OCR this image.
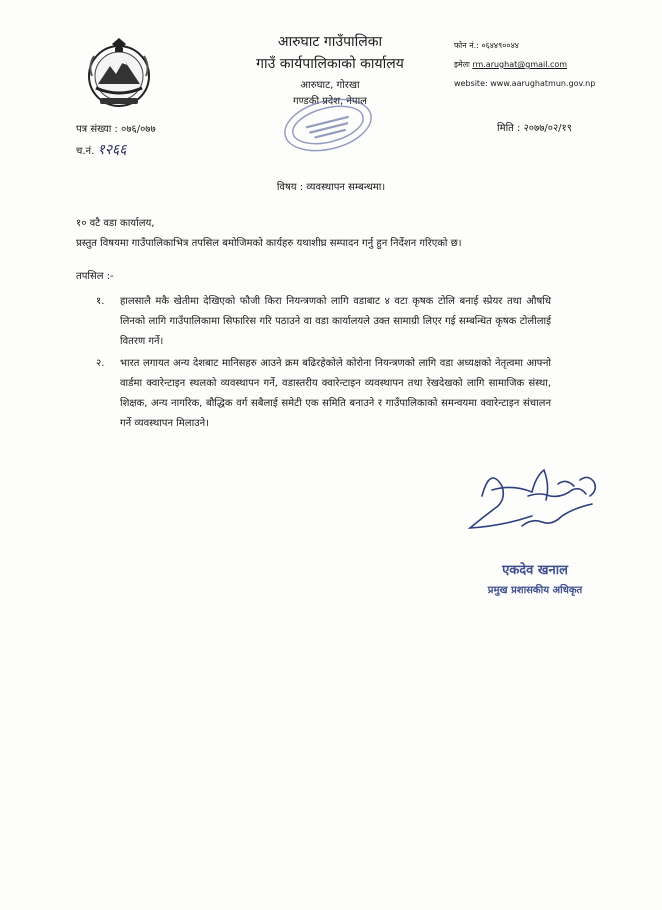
आरुघाट गाउँपालिका
गाउँ कार्यपालिकाको कार्यालय
आरुघाट, गोरखा
गण्डकी प्रदेश, नेपाल
फोन नं.: ०६४४९००४४
इमेलः rm.arughat@gmail.com
website: www.aarughatmun.gov.np
पत्र संख्या : ०७६/०७७
च.नं. १२६६
मिति : २०७७/०२/१९
विषय : व्यवस्थापन सम्बन्धमा।
१० वटै वडा कार्यालय,
प्रस्तुत विषयमा गाउँपालिकाभित्र तपसिल बमोजिमको कार्यहरु यथाशीघ्र सम्पादन गर्नु हुन निर्देशन गरिएको छ।
तपसिल :-
१.	हालसालै मकै खेतीमा देखिएको फौजी किरा नियन्त्रणको लागि वडाबाट ४ वटा कृषक टोलि बनाई स्प्रेयर तथा औषधि लिनको लागि गाउँपालिकामा सिफारिस गरि पठाउने वा वडा कार्यालयले उक्त सामाग्री लिएर गई सम्बन्धित कृषक टोलीलाई वितरण गर्ने।
२.	भारत लगायत अन्य देशबाट मानिसहरु आउने क्रम बढिरहेकोले कोरोना नियन्त्रणको लागि वडा अध्यक्षको नेतृत्वमा आफ्नो वार्डमा क्वारेन्टाइन स्थलको व्यवस्थापन गर्ने, वडास्तरीय क्वारेन्टाइन व्यवस्थापन तथा रेखदेखको लागि सामाजिक संस्था, शिक्षक, अन्य नागरिक, बौद्धिक वर्ग सबैलाई समेटी एक समिति बनाउने र गाउँपालिकाको समन्वयमा क्वारेन्टाइन संचालन गर्ने व्यवस्थापन मिलाउने।
एकदेव खनाल
प्रमुख प्रशासकीय अधिकृत
